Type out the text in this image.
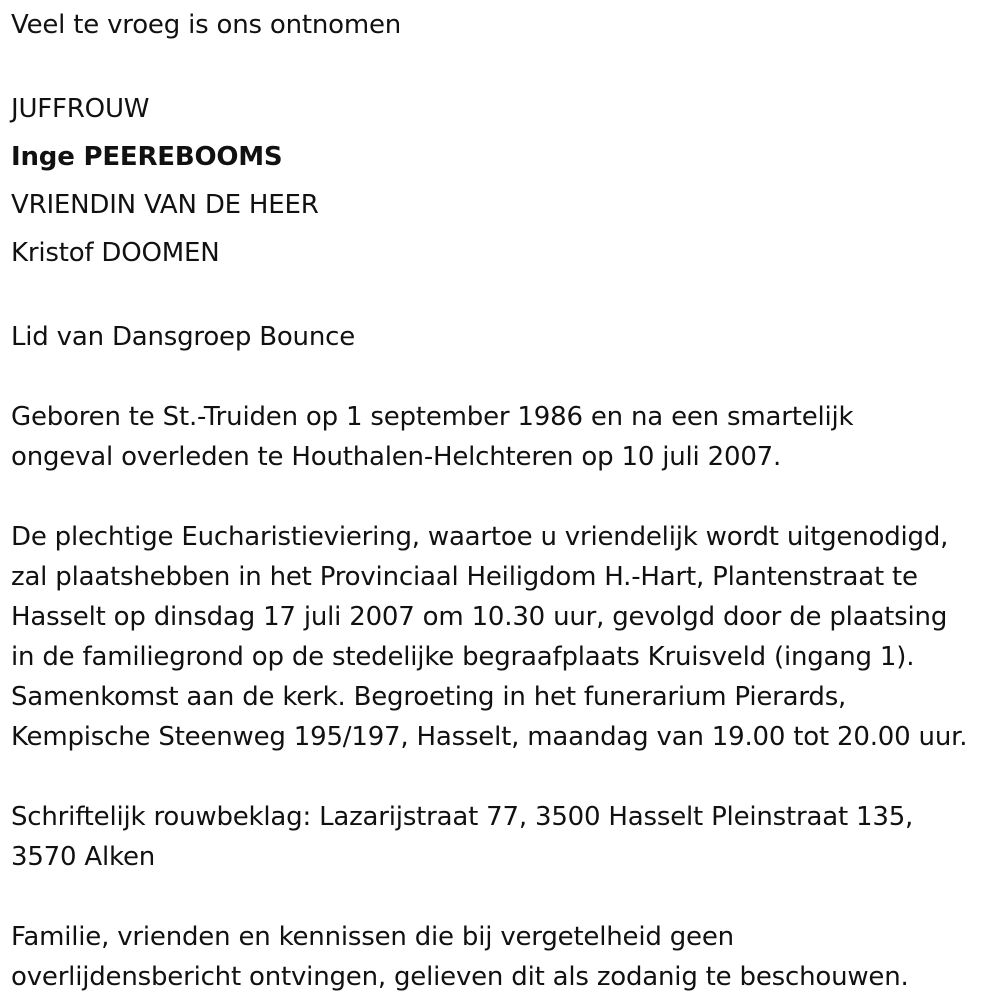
Veel te vroeg is ons ontnomen
JUFFROUW
Inge PEEREBOOMS
VRIENDIN VAN DE HEER
Kristof DOOMEN
Lid van Dansgroep Bounce
Geboren te St.-Truiden op 1 september 1986 en na een smartelijk
ongeval overleden te Houthalen-Helchteren op 10 juli 2007.
De plechtige Eucharistieviering, waartoe u vriendelijk wordt uitgenodigd,
zal plaatshebben in het Provinciaal Heiligdom H.-Hart, Plantenstraat te
Hasselt op dinsdag 17 juli 2007 om 10.30 uur, gevolgd door de plaatsing
in de familiegrond op de stedelijke begraafplaats Kruisveld (ingang 1).
Samenkomst aan de kerk. Begroeting in het funerarium Pierards,
Kempische Steenweg 195/197, Hasselt, maandag van 19.00 tot 20.00 uur.
Schriftelijk rouwbeklag: Lazarijstraat 77, 3500 Hasselt Pleinstraat 135,
3570 Alken
Familie, vrienden en kennissen die bij vergetelheid geen
overlijdensbericht ontvingen, gelieven dit als zodanig te beschouwen.
